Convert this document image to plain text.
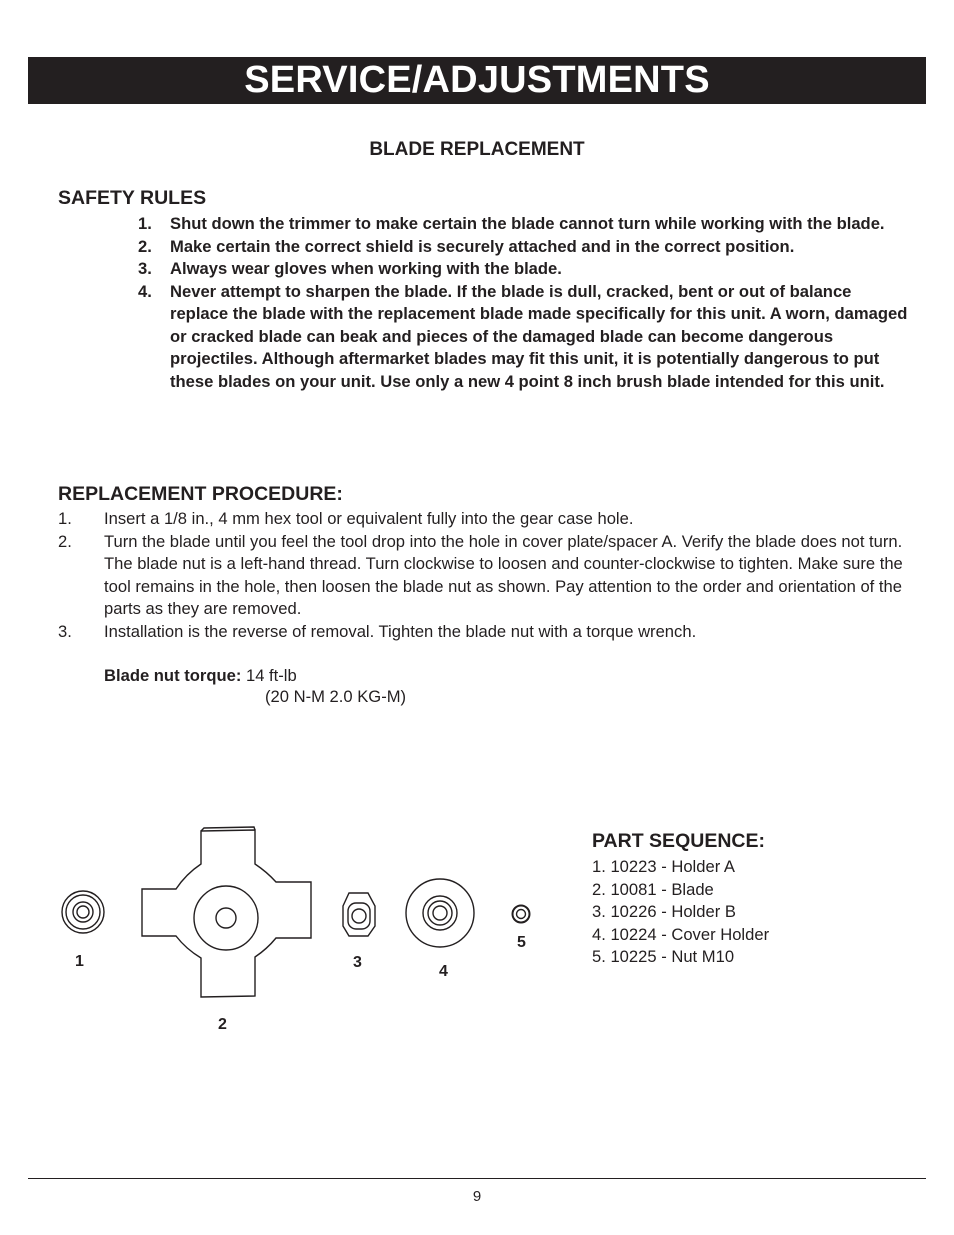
SERVICE/ADJUSTMENTS
BLADE REPLACEMENT
SAFETY RULES
1.	Shut down the trimmer to make certain the blade cannot turn while working with the blade.
2.	Make certain the correct shield is securely attached and in the correct position.
3.	Always wear gloves when working with the blade.
4.	Never attempt to sharpen the blade. If the blade is dull, cracked, bent or out of balance replace the blade with the replacement blade made specifically for this unit. A worn, damaged or cracked blade can beak and pieces of the damaged blade can become dangerous projectiles. Although aftermarket blades may fit this unit, it is potentially dangerous to put these blades on your unit. Use only a new 4 point 8 inch brush blade intended for this unit.
REPLACEMENT PROCEDURE:
1.	Insert a 1/8 in., 4 mm hex tool or equivalent fully into the gear case hole.
2.	Turn the blade until you feel the tool drop into the hole in cover plate/spacer A. Verify the blade does not turn. The blade nut is a left-hand thread. Turn clockwise to loosen and counter-clockwise to tighten. Make sure the tool remains in the hole, then loosen the blade nut as shown. Pay attention to the order and orientation of the parts as they are removed.
3.	Installation is the reverse of removal. Tighten the blade nut with a torque wrench.
Blade nut torque: 14 ft-lb
(20 N-M 2.0 KG-M)
1
2
3
4
5
PART SEQUENCE:
1. 10223 - Holder A
2. 10081 - Blade
3. 10226 - Holder B
4. 10224 - Cover Holder
5. 10225 - Nut M10
9
